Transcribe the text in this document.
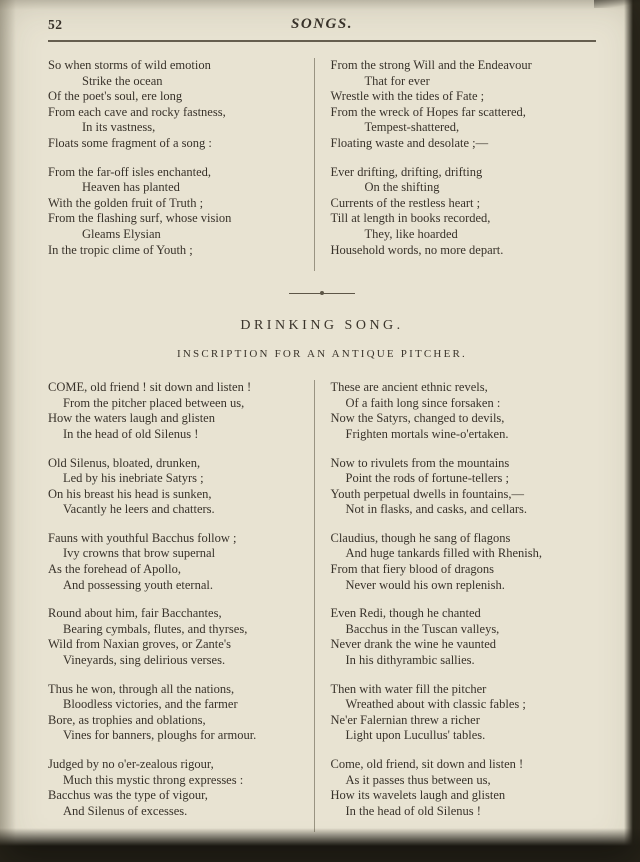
52	SONGS.
So when storms of wild emotion
Strike the ocean
Of the poet's soul, ere long
From each cave and rocky fastness,
In its vastness,
Floats some fragment of a song :
From the far-off isles enchanted,
Heaven has planted
With the golden fruit of Truth ;
From the flashing surf, whose vision
Gleams Elysian
In the tropic clime of Youth ;
From the strong Will and the Endeavour
That for ever
Wrestle with the tides of Fate ;
From the wreck of Hopes far scattered,
Tempest-shattered,
Floating waste and desolate ;—
Ever drifting, drifting, drifting
On the shifting
Currents of the restless heart ;
Till at length in books recorded,
They, like hoarded
Household words, no more depart.
DRINKING SONG.
INSCRIPTION FOR AN ANTIQUE PITCHER.
COME, old friend ! sit down and listen !
From the pitcher placed between us,
How the waters laugh and glisten
In the head of old Silenus !
Old Silenus, bloated, drunken,
Led by his inebriate Satyrs ;
On his breast his head is sunken,
Vacantly he leers and chatters.
Fauns with youthful Bacchus follow ;
Ivy crowns that brow supernal
As the forehead of Apollo,
And possessing youth eternal.
Round about him, fair Bacchantes,
Bearing cymbals, flutes, and thyrses,
Wild from Naxian groves, or Zante's
Vineyards, sing delirious verses.
Thus he won, through all the nations,
Bloodless victories, and the farmer
Bore, as trophies and oblations,
Vines for banners, ploughs for armour.
Judged by no o'er-zealous rigour,
Much this mystic throng expresses :
Bacchus was the type of vigour,
And Silenus of excesses.
These are ancient ethnic revels,
Of a faith long since forsaken :
Now the Satyrs, changed to devils,
Frighten mortals wine-o'ertaken.
Now to rivulets from the mountains
Point the rods of fortune-tellers ;
Youth perpetual dwells in fountains,—
Not in flasks, and casks, and cellars.
Claudius, though he sang of flagons
And huge tankards filled with Rhenish,
From that fiery blood of dragons
Never would his own replenish.
Even Redi, though he chanted
Bacchus in the Tuscan valleys,
Never drank the wine he vaunted
In his dithyrambic sallies.
Then with water fill the pitcher
Wreathed about with classic fables ;
Ne'er Falernian threw a richer
Light upon Lucullus' tables.
Come, old friend, sit down and listen !
As it passes thus between us,
How its wavelets laugh and glisten
In the head of old Silenus !
